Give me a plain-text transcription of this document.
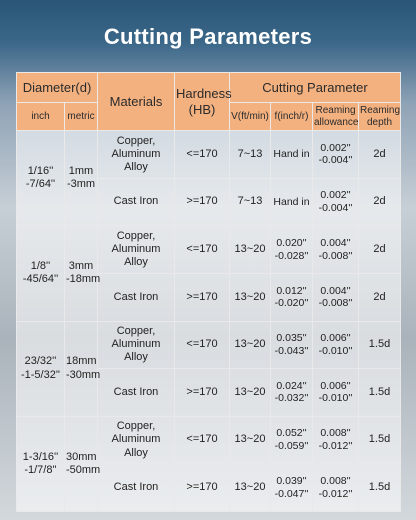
Cutting Parameters
Diameter(d)		Materials	Hardness (HB)	Cutting Parameter			
inch	metric			V(ft/min)	f(inch/r)	Reaming allowance	Reaming depth
1/16'' -7/64''	1mm -3mm	Copper, Aluminum Alloy	<=170	7~13	Hand in	0.002'' -0.004''	2d
		Cast Iron	>=170	7~13	Hand in	0.002'' -0.004''	2d
1/8'' -45/64''	3mm -18mm	Copper, Aluminum Alloy	<=170	13~20	0.020'' -0.028''	0.004'' -0.008''	2d
		Cast Iron	>=170	13~20	0.012'' -0.020''	0.004'' -0.008''	2d
23/32'' -1-5/32''	18mm -30mm	Copper, Aluminum Alloy	<=170	13~20	0.035'' -0.043''	0.006'' -0.010''	1.5d
		Cast Iron	>=170	13~20	0.024'' -0.032''	0.006'' -0.010''	1.5d
1-3/16'' -1/7/8''	30mm -50mm	Copper, Aluminum Alloy	<=170	13~20	0.052'' -0.059''	0.008'' -0.012''	1.5d
		Cast Iron	>=170	13~20	0.039'' -0.047''	0.008'' -0.012''	1.5d
